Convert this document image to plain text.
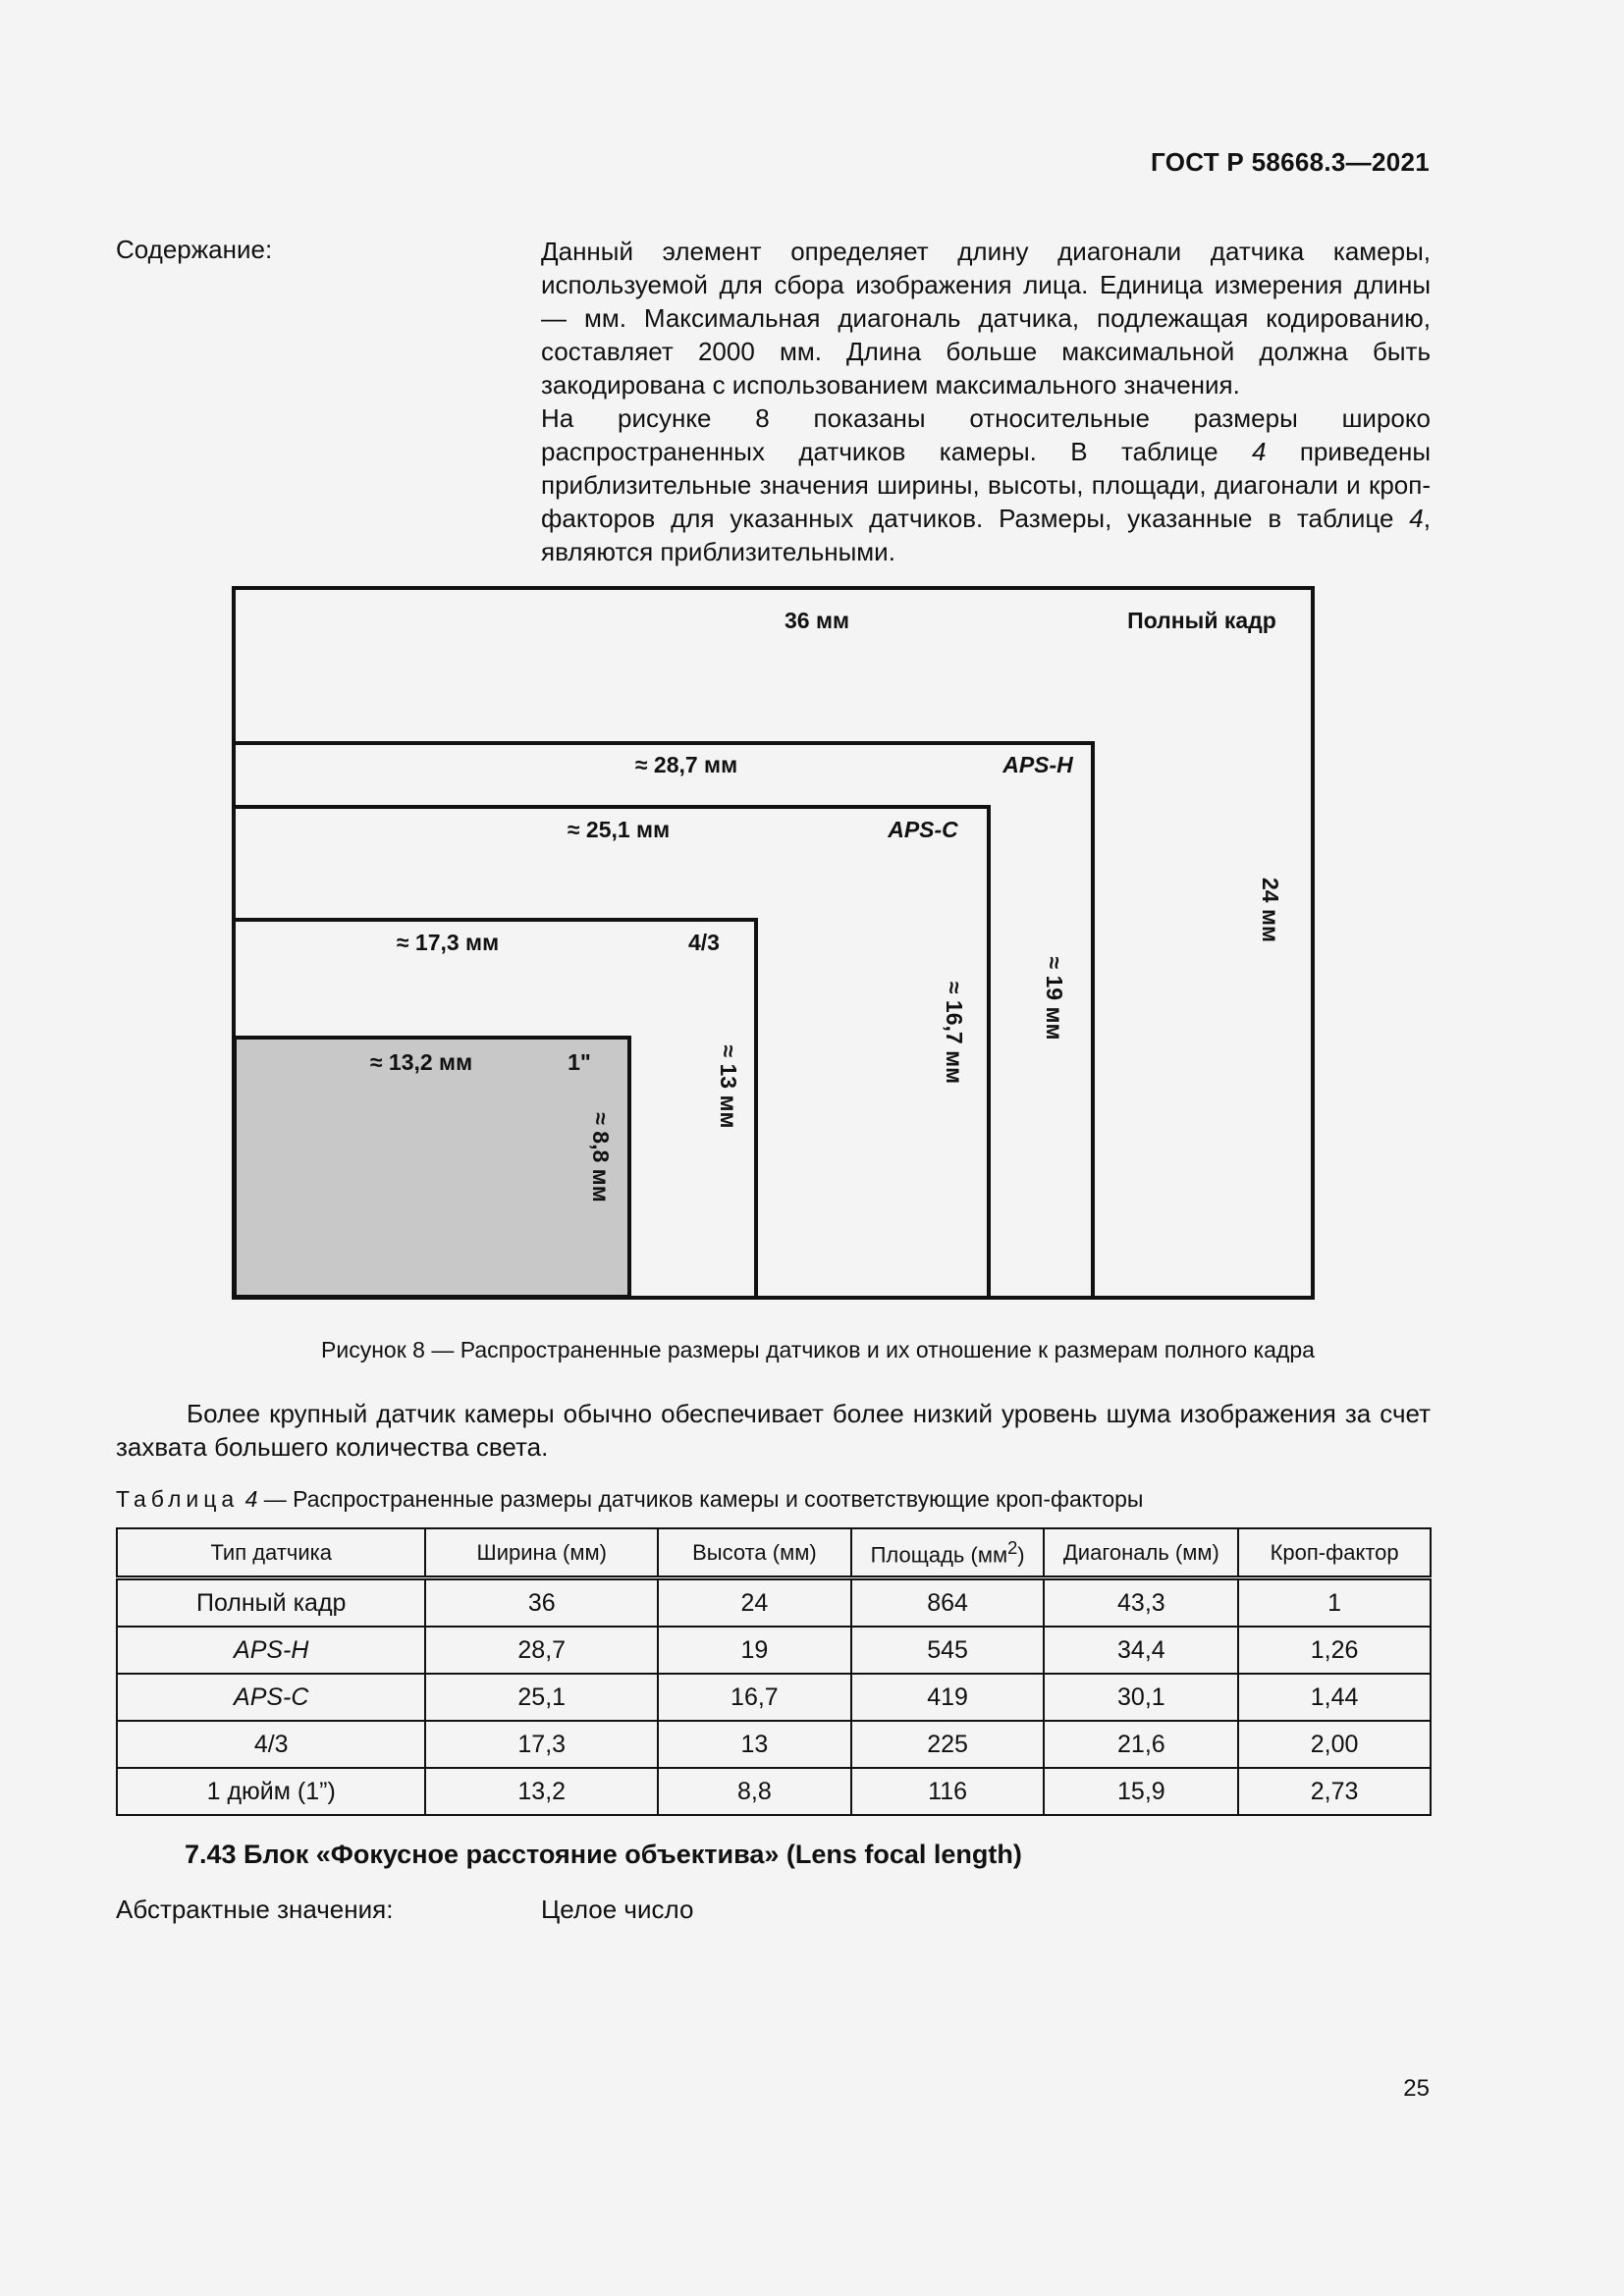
ГОСТ Р 58668.3—2021
Содержание:	Данный элемент определяет длину диагонали датчика камеры, используемой для сбора изображения лица. Единица измерения длины — мм. Максимальная диагональ датчика, подлежащая кодированию, составляет 2000 мм. Длина больше максимальной должна быть закодирована с использованием максимального значения.

На рисунке 8 показаны относительные размеры широко распространенных датчиков камеры. В таблице 4 приведены приблизительные значения ширины, высоты, площади, диагонали и кроп-факторов для указанных датчиков. Размеры, указанные в таблице 4, являются приблизительными.

36 мм	Полный кадр
24 мм
≈ 28,7 мм	APS-H
≈ 19 мм
≈ 25,1 мм	APS-C
≈ 16,7 мм
≈ 17,3 мм	4/3
≈ 13 мм
≈ 13,2 мм	1"
≈ 8,8 мм
Рисунок 8 — Распространенные размеры датчиков и их отношение к размерам полного кадра

Более крупный датчик камеры обычно обеспечивает более низкий уровень шума изображения за счет захвата большего количества света.

Таблица 4 — Распространенные размеры датчиков камеры и соответствующие кроп-факторы
Тип датчика	Ширина (мм)	Высота (мм)	Площадь $(мм^2)$	Диагональ (мм)	Кроп-фактор
Полный кадр	36	24	864	43,3	1
APS-H	28,7	19	545	34,4	1,26
APS-C	25,1	16,7	419	30,1	1,44
4/3	17,3	13	225	21,6	2,00
1 дюйм (1”)	13,2	8,8	116	15,9	2,73
7.43 Блок «Фокусное расстояние объектива» (Lens focal length)
Абстрактные значения:	Целое число
25
